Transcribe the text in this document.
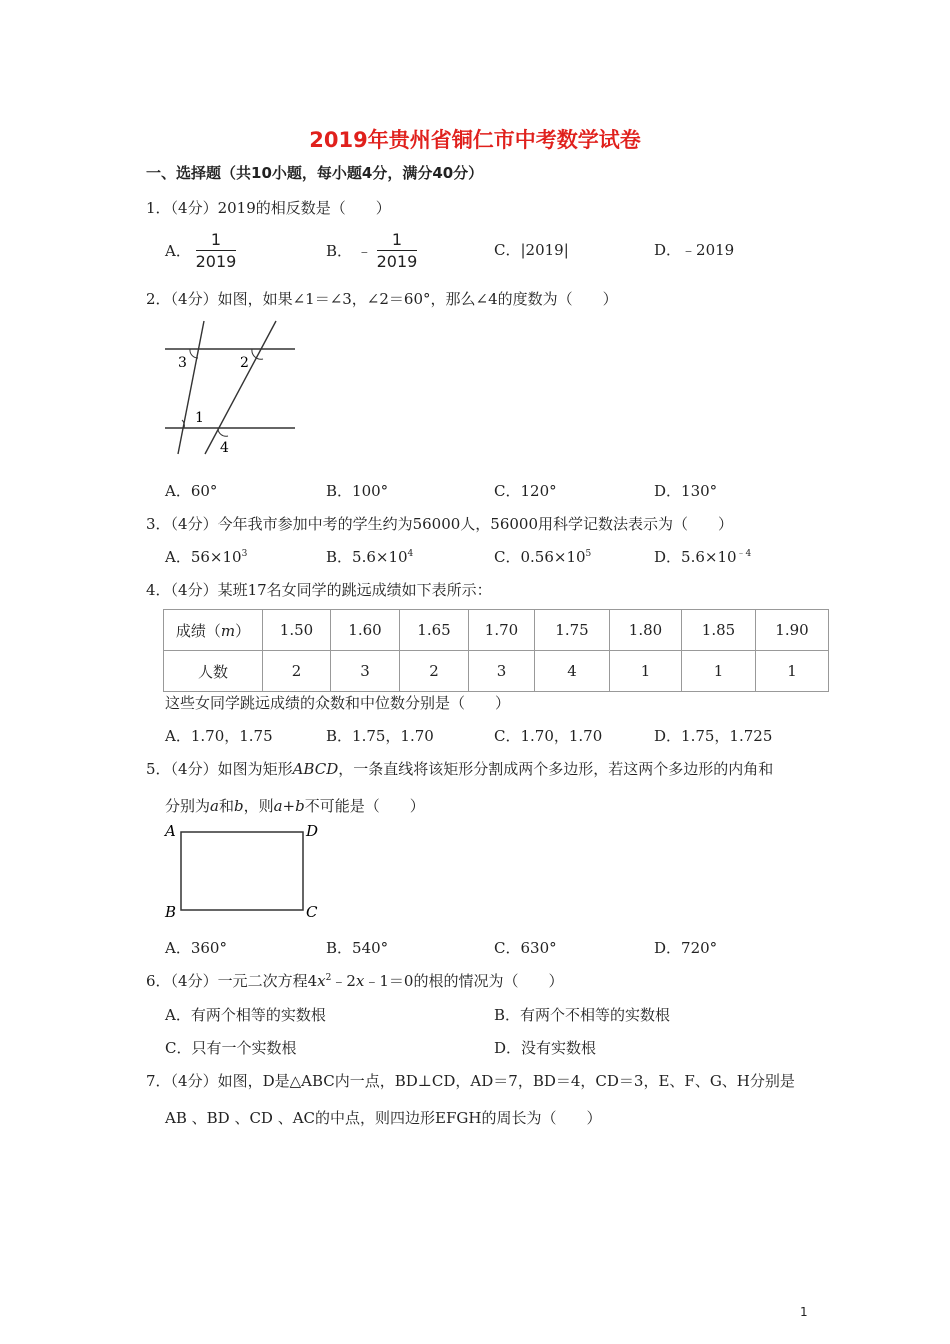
2019年贵州省铜仁市中考数学试卷
一、选择题（共10小题，每小题4分，满分40分）
1．（4分）2019的相反数是（　　）
A． $\frac{1}{2019}$	B． ﹣ $\frac{1}{2019}$	C．|2019|	D．﹣2019
2．（4分）如图，如果∠1＝∠3，∠2＝60°，那么∠4的度数为（　　）
3	2
1
4
A．60°	B．100°	C．120°	D．130°
3．（4分）今年我市参加中考的学生约为56000人，56000用科学记数法表示为（　　）
A．$56\times 10^3$	B．$5.6\times 10^4$	C．$0.56\times 10^5$	D．$5.6\times 10^{﹣4}$
4．（4分）某班17名女同学的跳远成绩如下表所示：
成绩（m）	1.50	1.60	1.65	1.70	1.75	1.80	1.85	1.90
人数	2	3	2	3	4	1	1	1
这些女同学跳远成绩的众数和中位数分别是（　　）
A．1.70，1.75	B．1.75，1.70	C．1.70，1.70	D．1.75，1.725
5．（4分）如图为矩形ABCD，一条直线将该矩形分割成两个多边形，若这两个多边形的内角和
分别为a和b，则a+b不可能是（　　）
A	D
B	C
A．360°	B．540°	C．630°	D．720°
6．（4分）一元二次方程$4x^2﹣2x﹣1=0$的根的情况为（　　）
A．有两个相等的实数根	B．有两个不相等的实数根
C．只有一个实数根	D．没有实数根
7．（4分）如图，D是△ABC内一点，BD⊥CD，AD＝7，BD＝4，CD＝3，E、F、G、H分别是
AB 、BD 、CD 、AC的中点，则四边形EFGH的周长为（　　）
1
